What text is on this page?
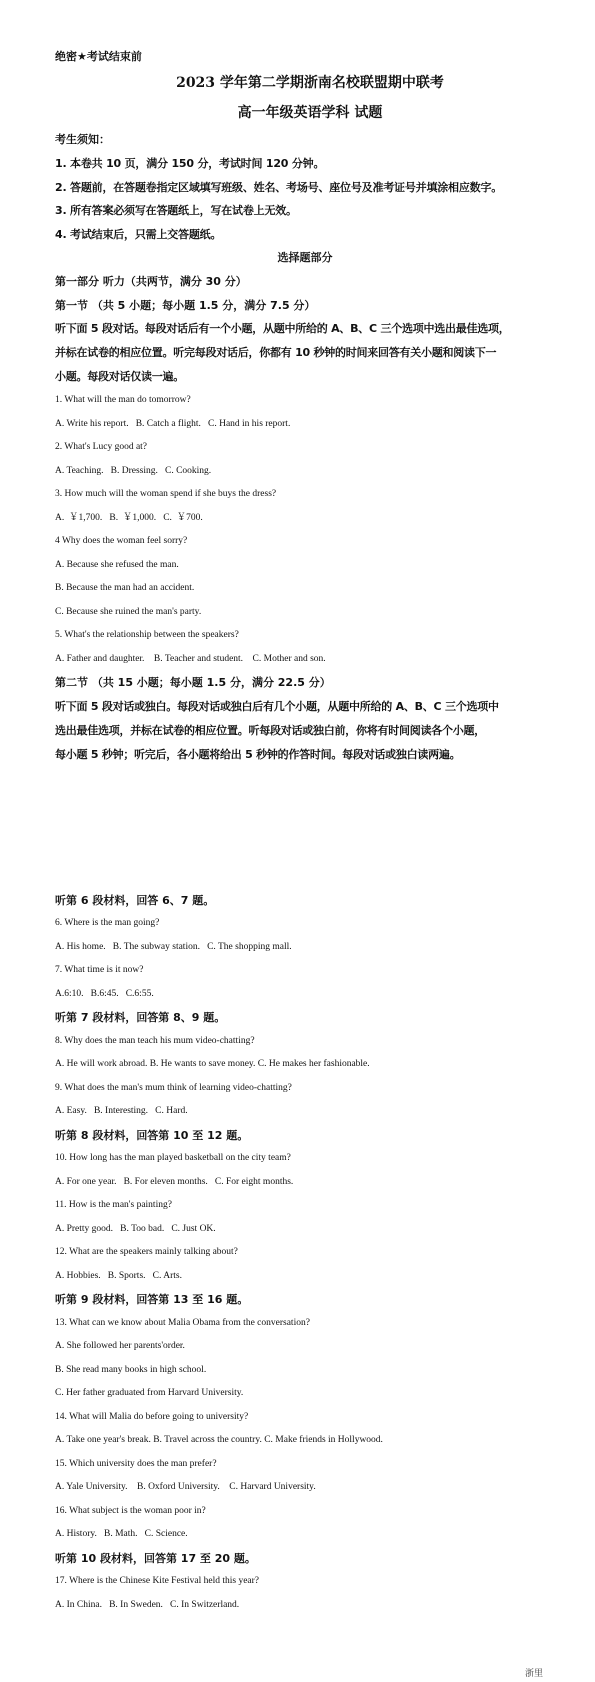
绝密★考试结束前
2023 学年第二学期浙南名校联盟期中联考
高一年级英语学科 试题
考生须知：
1. 本卷共 10 页，满分 150 分，考试时间 120 分钟。
2. 答题前，在答题卷指定区域填写班级、姓名、考场号、座位号及准考证号并填涂相应数字。
3. 所有答案必须写在答题纸上，写在试卷上无效。
4. 考试结束后，只需上交答题纸。
选择题部分
第一部分 听力（共两节，满分 30 分）
第一节 （共 5 小题；每小题 1.5 分，满分 7.5 分）
听下面 5 段对话。每段对话后有一个小题，从题中所给的 A、B、C 三个选项中选出最佳选项，
并标在试卷的相应位置。听完每段对话后，你都有 10 秒钟的时间来回答有关小题和阅读下一
小题。每段对话仅读一遍。
1. What will the man do tomorrow?
A. Write his report.   B. Catch a flight.   C. Hand in his report.
2. What's Lucy good at?
A. Teaching.   B. Dressing.   C. Cooking.
3. How much will the woman spend if she buys the dress?
A.  ￥1,700.   B.  ￥1,000.   C.  ￥700.
4 Why does the woman feel sorry?
A. Because she refused the man.
B. Because the man had an accident.
C. Because she ruined the man's party.
5. What's the relationship between the speakers?
A. Father and daughter.    B. Teacher and student.    C. Mother and son.
第二节 （共 15 小题；每小题 1.5 分，满分 22.5 分）
听下面 5 段对话或独白。每段对话或独白后有几个小题，从题中所给的 A、B、C 三个选项中
选出最佳选项，并标在试卷的相应位置。听每段对话或独白前，你将有时间阅读各个小题，
每小题 5 秒钟；听完后，各小题将给出 5 秒钟的作答时间。每段对话或独白读两遍。
听第 6 段材料，回答 6、7 题。
6. Where is the man going?
A. His home.   B. The subway station.   C. The shopping mall.
7. What time is it now?
A.6:10.   B.6:45.   C.6:55.
听第 7 段材料，回答第 8、9 题。
8. Why does the man teach his mum video-chatting?
A. He will work abroad. B. He wants to save money. C. He makes her fashionable.
9. What does the man's mum think of learning video-chatting?
A. Easy.   B. Interesting.   C. Hard.
听第 8 段材料，回答第 10 至 12 题。
10. How long has the man played basketball on the city team?
A. For one year.   B. For eleven months.   C. For eight months.
11. How is the man's painting?
A. Pretty good.   B. Too bad.   C. Just OK.
12. What are the speakers mainly talking about?
A. Hobbies.   B. Sports.   C. Arts.
听第 9 段材料，回答第 13 至 16 题。
13. What can we know about Malia Obama from the conversation?
A. She followed her parents'order.
B. She read many books in high school.
C. Her father graduated from Harvard University.
14. What will Malia do before going to university?
A. Take one year's break. B. Travel across the country. C. Make friends in Hollywood.
15. Which university does the man prefer?
A. Yale University.    B. Oxford University.    C. Harvard University.
16. What subject is the woman poor in?
A. History.   B. Math.   C. Science.
听第 10 段材料，回答第 17 至 20 题。
17. Where is the Chinese Kite Festival held this year?
A. In China.   B. In Sweden.   C. In Switzerland.
浙里
